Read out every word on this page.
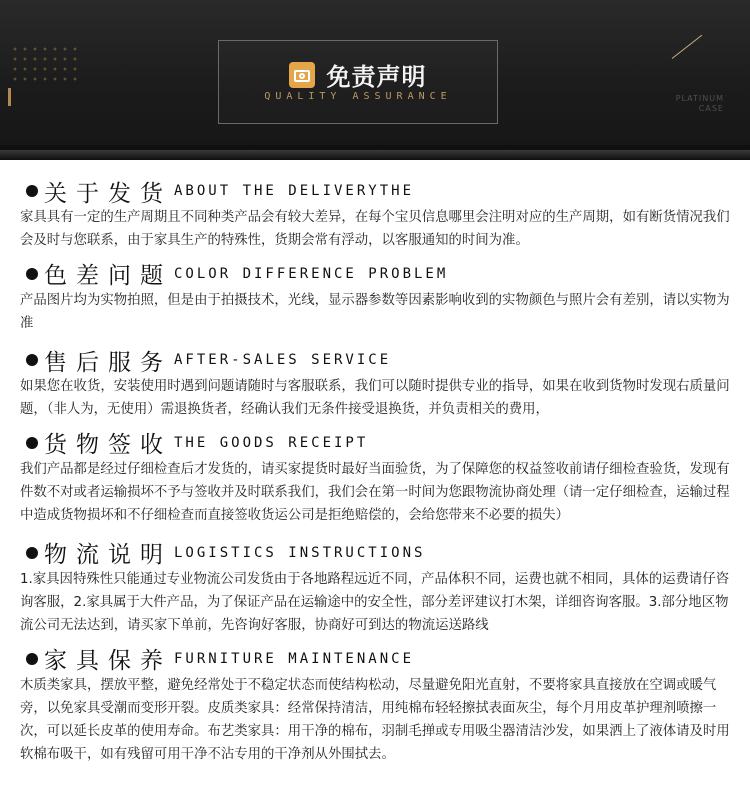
免责声明
QUALITY ASSURANCE	PLATINUM
CASE
关于发货 ABOUT THE DELIVERYTHE
家具具有一定的生产周期且不同种类产品会有较大差异，在每个宝贝信息哪里会注明对应的生产周期，如有断货情况我们会及时与您联系，由于家具生产的特殊性，货期会常有浮动，以客服通知的时间为准。
色差问题 COLOR DIFFERENCE PROBLEM
产品图片均为实物拍照，但是由于拍摄技术，光线，显示器参数等因素影响收到的实物颜色与照片会有差别，请以实物为准
售后服务 AFTER-SALES SERVICE
如果您在收货，安装使用时遇到问题请随时与客服联系，我们可以随时提供专业的指导，如果在收到货物时发现右质量问题，（非人为，无使用）需退换货者，经确认我们无条件接受退换货，并负责相关的费用，
货物签收 THE GOODS RECEIPT
我们产品都是经过仔细检查后才发货的，请买家提货时最好当面验货，为了保障您的权益签收前请仔细检查验货，发现有件数不对或者运输损坏不予与签收并及时联系我们，我们会在第一时间为您跟物流协商处理（请一定仔细检查，运输过程中造成货物损坏和不仔细检查而直接签收货运公司是拒绝赔偿的，会给您带来不必要的损失）
物流说明 LOGISTICS INSTRUCTIONS
1.家具因特殊性只能通过专业物流公司发货由于各地路程远近不同，产品体积不同，运费也就不相同，具体的运费请仔咨询客服，2.家具属于大件产品，为了保证产品在运输途中的安全性，部分差评建议打木架，详细咨询客服。3.部分地区物流公司无法达到，请买家下单前，先咨询好客服，协商好可到达的物流运送路线
家具保养 FURNITURE MAINTENANCE
木质类家具，摆放平整，避免经常处于不稳定状态而使结构松动，尽量避免阳光直射，不要将家具直接放在空调或暖气旁，以免家具受潮而变形开裂。皮质类家具：经常保持清洁，用纯棉布轻轻擦拭表面灰尘，每个月用皮革护理剂喷擦一次，可以延长皮革的使用寿命。布艺类家具：用干净的棉布，羽制毛掸或专用吸尘器清洁沙发，如果洒上了液体请及时用软棉布吸干，如有残留可用干净不沾专用的干净剂从外围拭去。
